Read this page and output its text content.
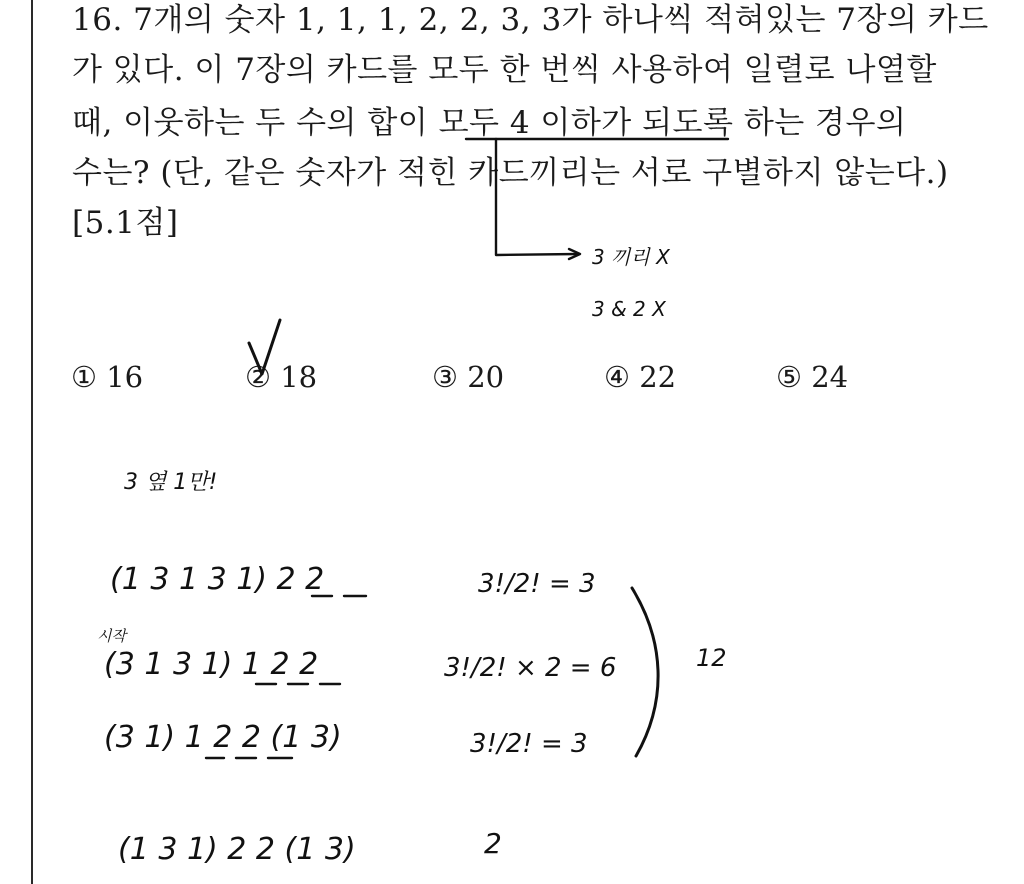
16. 7개의 숫자 1, 1, 1, 2, 2, 3, 3가 하나씩 적혀있는 7장의 카드
가 있다. 이 7장의 카드를 모두 한 번씩 사용하여 일렬로 나열할
때, 이웃하는 두 수의 합이 모두 4 이하가 되도록 하는 경우의
수는? (단, 같은 숫자가 적힌 카드끼리는 서로 구별하지 않는다.)
[5.1점]
① 16	② 18	③ 20	④ 22	⑤ 24
3 끼리 X
3 & 2 X
3 옆 1만!
(1 3 1 3 1) 2 2	3!/2! = 3
시작
(3 1 3 1) 1 2 2	3!/2! × 2 = 6
(3 1) 1 2 2 (1 3)	3!/2! = 3
12
(1 3 1) 2 2 (1 3)	2
